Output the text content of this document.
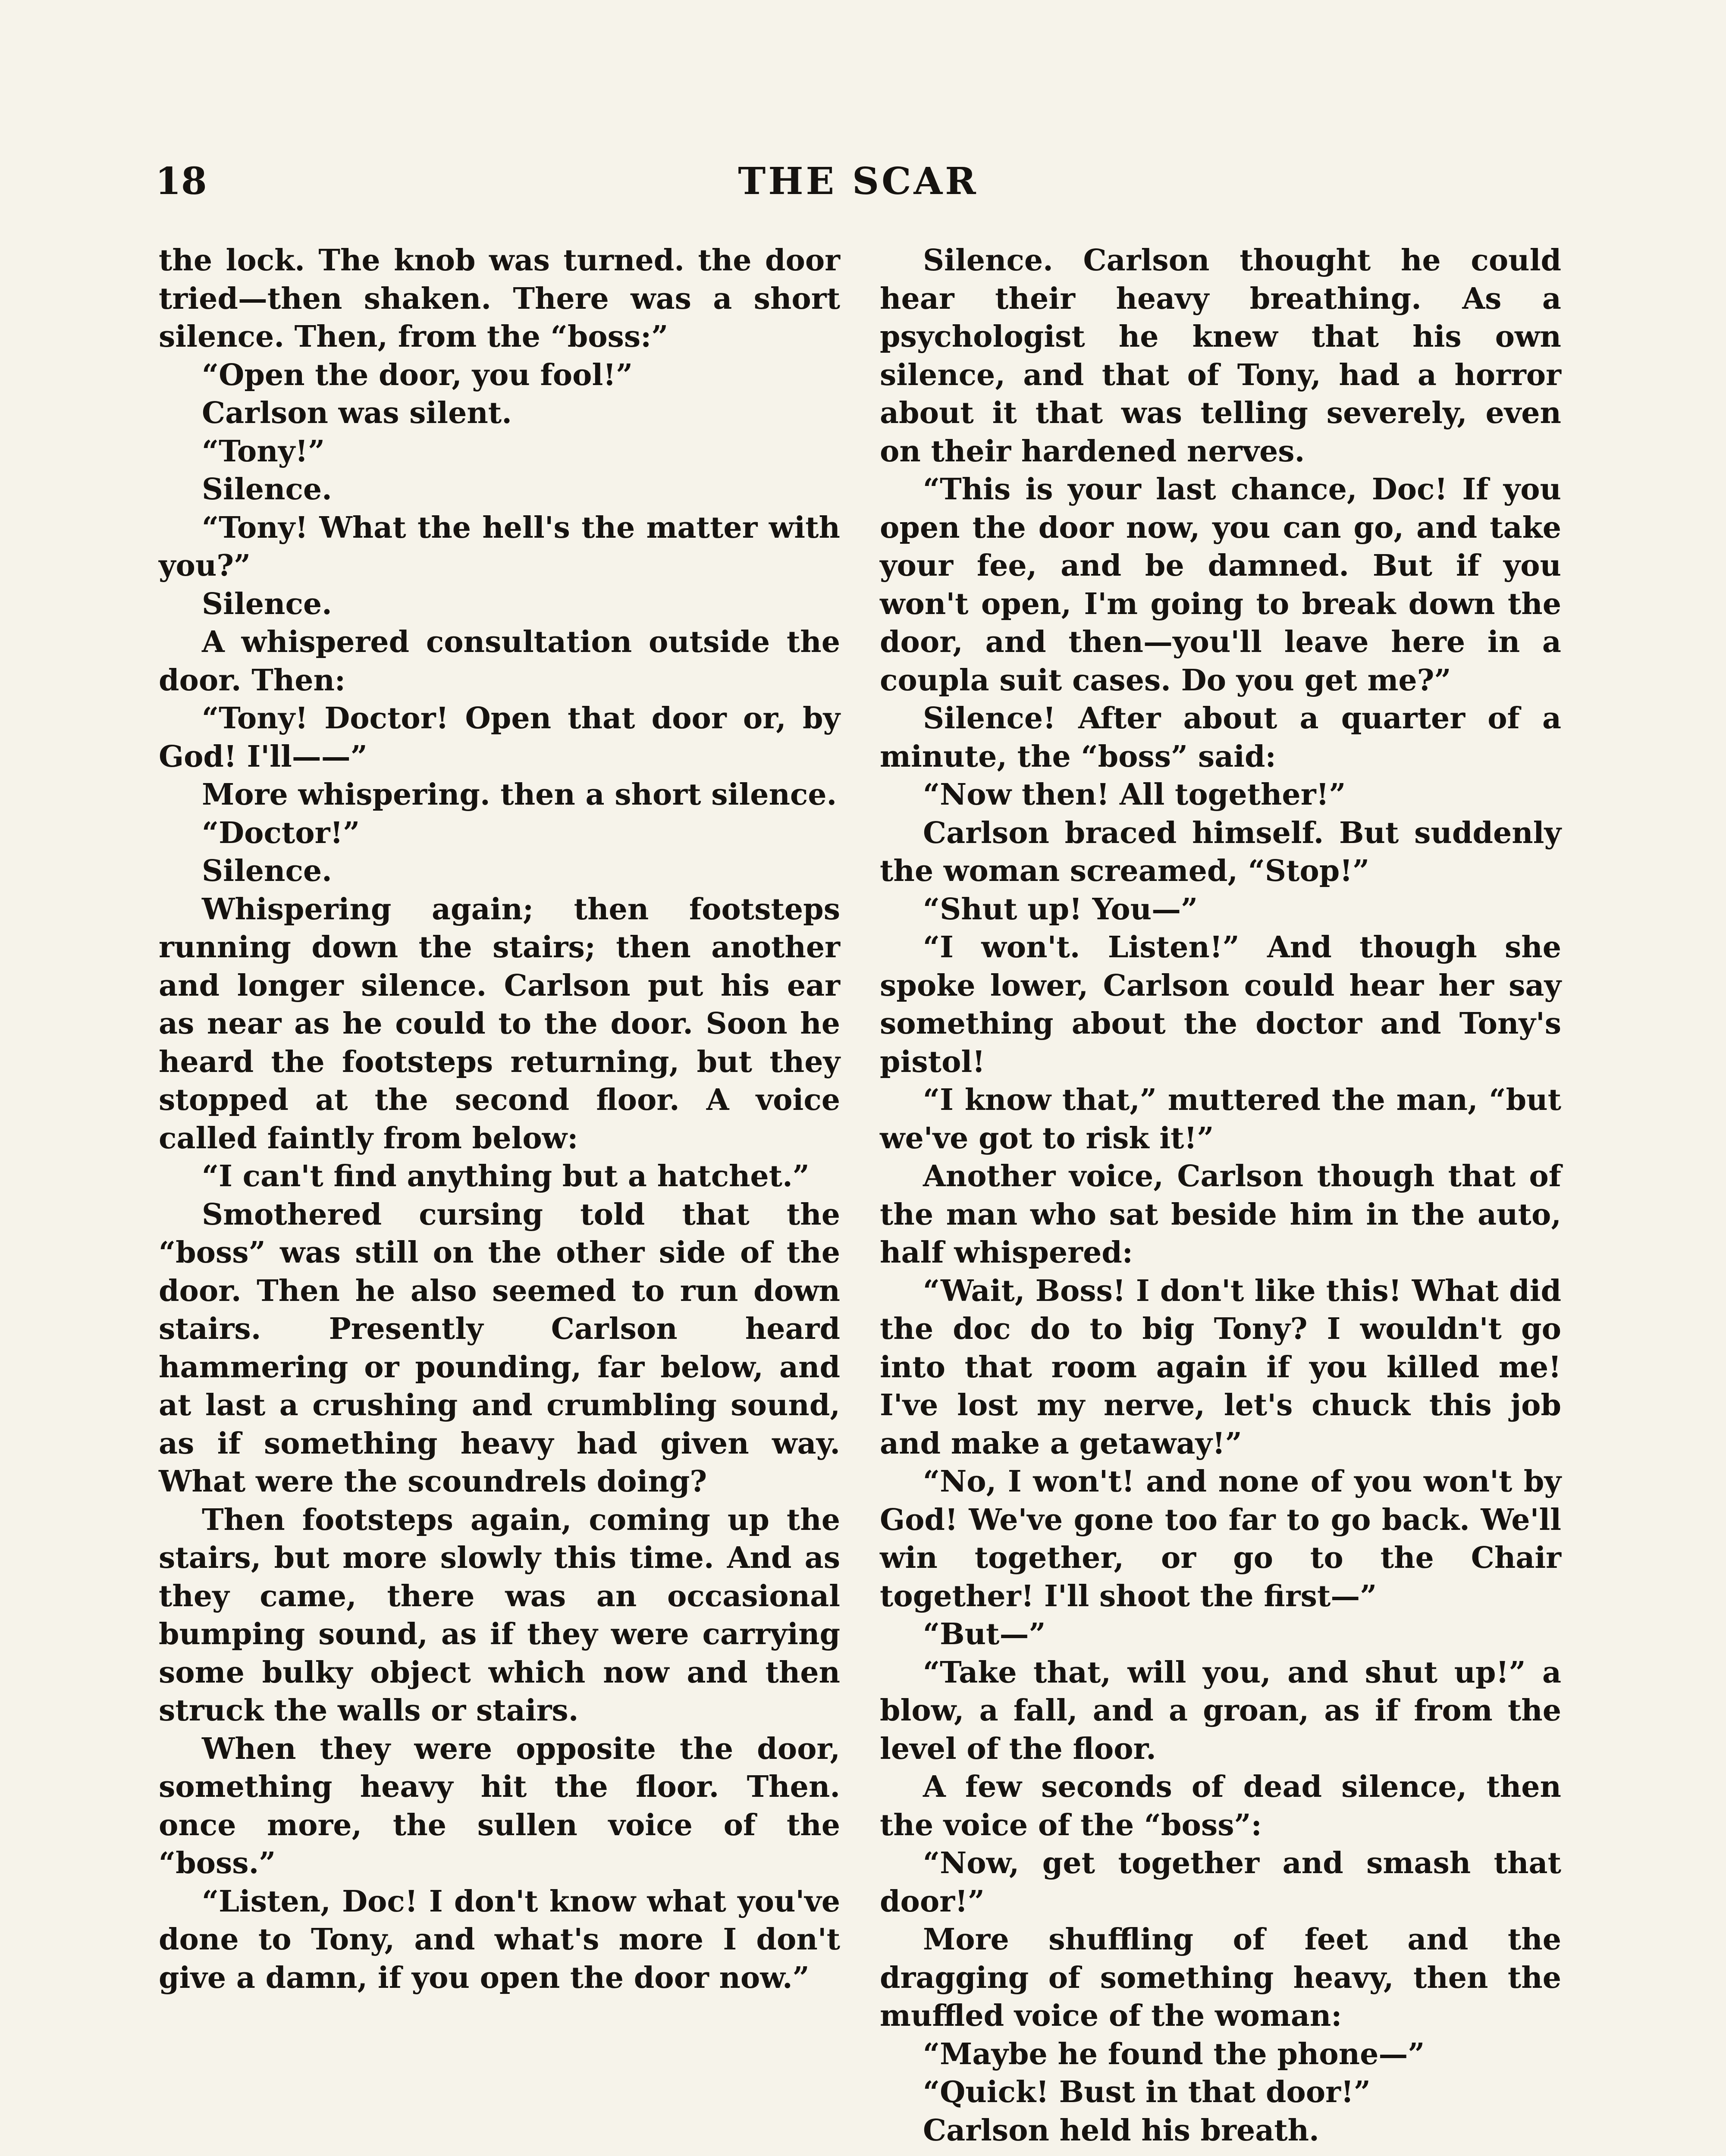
18	THE SCAR

the lock. The knob was turned. the door tried—then shaken. There was a short silence. Then, from the “boss:”

“Open the door, you fool!”

Carlson was silent.

“Tony!”

Silence.

“Tony! What the hell's the matter with you?”

Silence.

A whispered consultation outside the door. Then:

“Tony! Doctor! Open that door or, by God! I'll——”

More whispering. then a short silence.

“Doctor!”

Silence.

Whispering again; then footsteps running down the stairs; then another and longer silence. Carlson put his ear as near as he could to the door. Soon he heard the footsteps returning, but they stopped at the second floor. A voice called faintly from below:

“I can't find anything but a hatchet.”

Smothered cursing told that the “boss” was still on the other side of the door. Then he also seemed to run down stairs. Presently Carlson heard hammering or pounding, far below, and at last a crushing and crumbling sound, as if something heavy had given way. What were the scoundrels doing?

Then footsteps again, coming up the stairs, but more slowly this time. And as they came, there was an occasional bumping sound, as if they were carrying some bulky object which now and then struck the walls or stairs.

When they were opposite the door, something heavy hit the floor. Then. once more, the sullen voice of the “boss.”

“Listen, Doc! I don't know what you've done to Tony, and what's more I don't give a damn, if you open the door now.”

Silence. Carlson thought he could hear their heavy breathing. As a psychologist he knew that his own silence, and that of Tony, had a horror about it that was telling severely, even on their hardened nerves.

“This is your last chance, Doc! If you open the door now, you can go, and take your fee, and be damned. But if you won't open, I'm going to break down the door, and then—you'll leave here in a coupla suit cases. Do you get me?”

Silence! After about a quarter of a minute, the “boss” said:

“Now then! All together!”

Carlson braced himself. But suddenly the woman screamed, “Stop!”

“Shut up! You—”

“I won't. Listen!” And though she spoke lower, Carlson could hear her say something about the doctor and Tony's pistol!

“I know that,” muttered the man, “but we've got to risk it!”

Another voice, Carlson though that of the man who sat beside him in the auto, half whispered:

“Wait, Boss! I don't like this! What did the doc do to big Tony? I wouldn't go into that room again if you killed me! I've lost my nerve, let's chuck this job and make a getaway!”

“No, I won't! and none of you won't by God! We've gone too far to go back. We'll win together, or go to the Chair together! I'll shoot the first—”

“But—”

“Take that, will you, and shut up!” a blow, a fall, and a groan, as if from the level of the floor.

A few seconds of dead silence, then the voice of the “boss”:

“Now, get together and smash that door!”

More shuffling of feet and the dragging of something heavy, then the muffled voice of the woman:

“Maybe he found the phone—”

“Quick! Bust in that door!”

Carlson held his breath.
